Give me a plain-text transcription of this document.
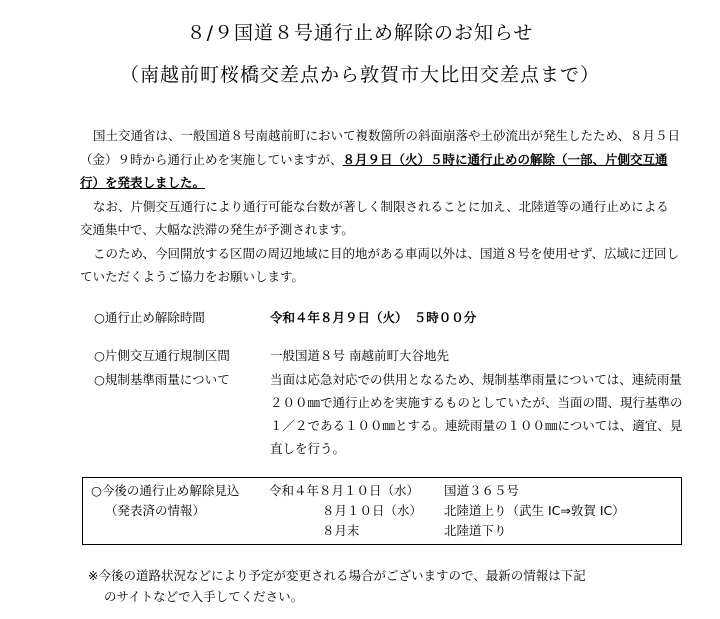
８/９国道８号通行止め解除のお知らせ
（南越前町桜橋交差点から敦賀市大比田交差点まで）

国土交通省は、一般国道８号南越前町において複数箇所の斜面崩落や土砂流出が発生したため、８月５日（金）９時から通行止めを実施していますが、８月９日（火）５時に通行止めの解除（一部、片側交互通行）を発表しました。

なお、片側交互通行により通行可能な台数が著しく制限されることに加え、北陸道等の通行止めによる交通集中で、大幅な渋滞の発生が予測されます。

このため、今回開放する区間の周辺地域に目的地がある車両以外は、国道８号を使用せず、広域に迂回していただくようご協力をお願いします。

○通行止め解除時間	令和４年８月９日（火）　５時００分
○片側交互通行規制区間	一般国道８号 南越前町大谷地先
○規制基準雨量について	当面は応急対応での供用となるため、規制基準雨量については、連続雨量２００㎜で通行止めを実施するものとしていたが、当面の間、現行基準の１／２である１００㎜とする。連続雨量の１００㎜については、適宜、見直しを行う。
○今後の通行止め解除見込
（発表済の情報）
令和４年８月１０日（水） 国道３６５号
８月１０日（水） 北陸道上り（武生 IC⇒敦賀 IC）
８月末	北陸道下り
※今後の道路状況などにより予定が変更される場合がございますので、最新の情報は下記
のサイトなどで入手してください。
